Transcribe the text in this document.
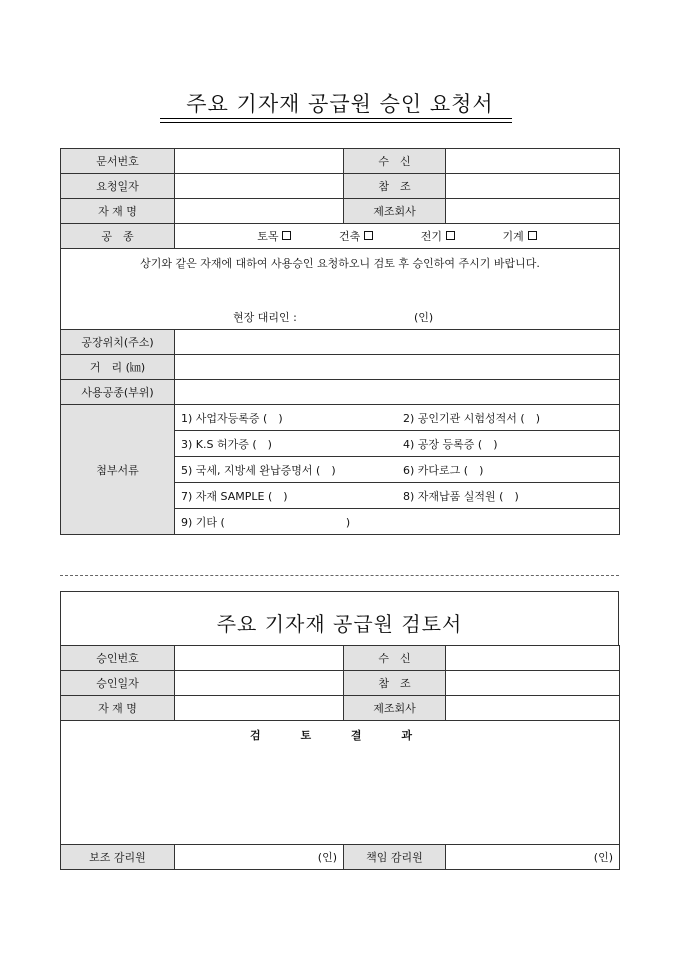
주요 기자재 공급원 승인 요청서
문서번호		수　신	
요청일자		참　조	
자 재 명		제조회사	
공　종	토목 건축 전기 기계		

상기와 같은 자재에 대하여 사용승인 요청하오니 검토 후 승인하여 주시기 바랍니다.
현장 대리인 : (인)			

공장위치(주소)			
거　리 (㎞)			
사용공종(부위)			
첨부서류	1) 사업자등록증 (　) 2) 공인기관 시험성적서 (　)		
	3) K.S 허가증 (　) 4) 공장 등록증 (　)		
	5) 국세, 지방세 완납증명서 (　) 6) 카다로그 (　)		
	7) 자재 SAMPLE (　) 8) 자재납품 실적원 (　)		
	9) 기타 (　　　　　　　　　　　)		
주요 기자재 공급원 검토서
승인번호		수　신	
승인일자		참　조	
자 재 명		제조회사	
검 토 결 과			
보조 감리원	(인)	책임 감리원	(인)
